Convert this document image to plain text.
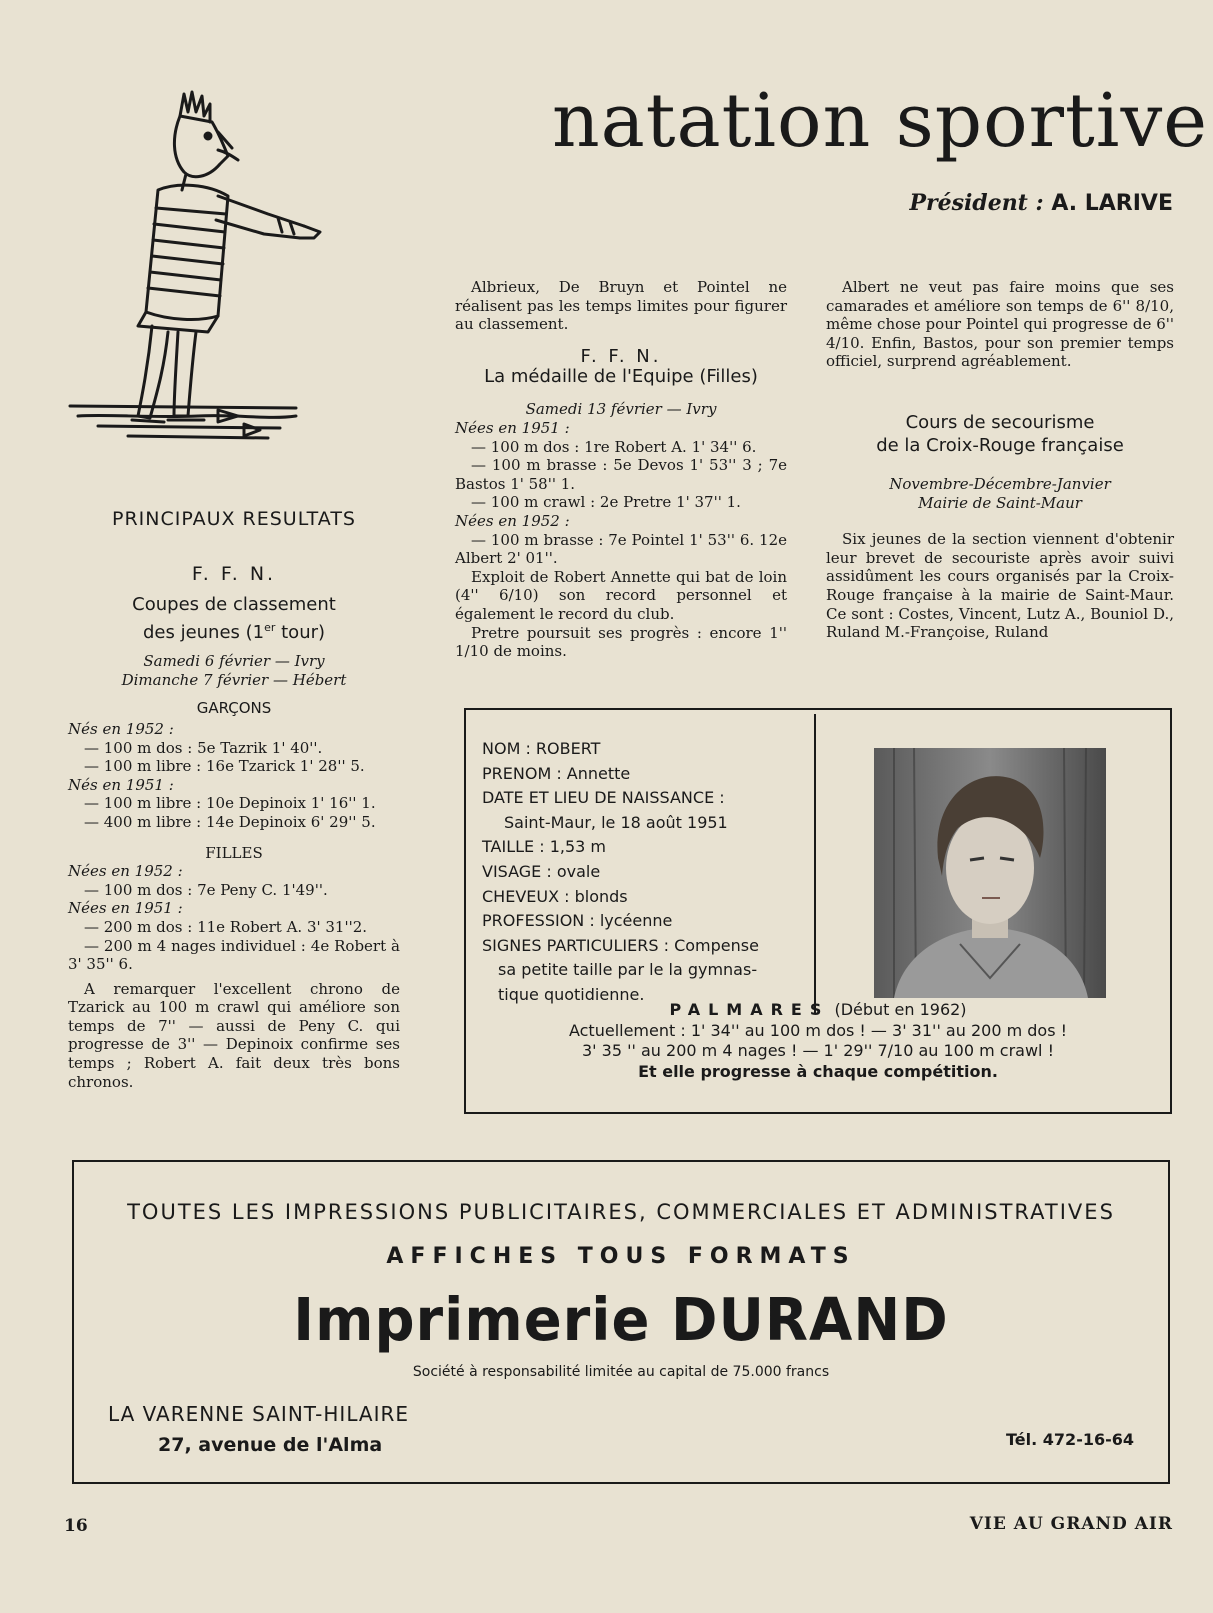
natation sportive
Président : A. LARIVE
PRINCIPAUX RESULTATS
F. F. N.
Coupes de classement
des jeunes (1er tour)
Samedi 6 février — Ivry
Dimanche 7 février — Hébert
GARÇONS
Nés en 1952 :
— 100 m dos : 5e Tazrik 1' 40''.
— 100 m libre : 16e Tzarick 1' 28'' 5.
Nés en 1951 :
— 100 m libre : 10e Depinoix 1' 16'' 1.
— 400 m libre : 14e Depinoix 6' 29'' 5.
FILLES
Nées en 1952 :
— 100 m dos : 7e Peny C. 1'49''.
Nées en 1951 :
— 200 m dos : 11e Robert A. 3' 31''2.
— 200 m 4 nages individuel : 4e Robert à 3' 35'' 6.

A remarquer l'excellent chrono de Tzarick au 100 m crawl qui améliore son temps de 7'' — aussi de Peny C. qui progresse de 3'' — Depinoix confirme ses temps ; Robert A. fait deux très bons chronos.

Albrieux, De Bruyn et Pointel ne réalisent pas les temps limites pour figurer au classement.

F. F. N.
La médaille de l'Equipe (Filles)
Samedi 13 février — Ivry
Nées en 1951 :
— 100 m dos : 1re Robert A. 1' 34'' 6.
— 100 m brasse : 5e Devos 1' 53'' 3 ; 7e Bastos 1' 58'' 1.
— 100 m crawl : 2e Pretre 1' 37'' 1.
Nées en 1952 :
— 100 m brasse : 7e Pointel 1' 53'' 6. 12e Albert 2' 01''.

Exploit de Robert Annette qui bat de loin (4'' 6/10) son record personnel et également le record du club.

Pretre poursuit ses progrès : encore 1'' 1/10 de moins.

Albert ne veut pas faire moins que ses camarades et améliore son temps de 6'' 8/10, même chose pour Pointel qui progresse de 6'' 4/10. Enfin, Bastos, pour son premier temps officiel, surprend agréablement.

Cours de secourisme
de la Croix-Rouge française
Novembre-Décembre-Janvier
Mairie de Saint-Maur

Six jeunes de la section viennent d'obtenir leur brevet de secouriste après avoir suivi assidûment les cours organisés par la Croix-Rouge française à la mairie de Saint-Maur. Ce sont : Costes, Vincent, Lutz A., Bouniol D., Ruland M.-Françoise, Ruland

NOM : ROBERT
PRENOM : Annette
DATE ET LIEU DE NAISSANCE :
Saint-Maur, le 18 août 1951
TAILLE : 1,53 m
VISAGE : ovale
CHEVEUX : blonds
PROFESSION : lycéenne
SIGNES PARTICULIERS : Compense
sa petite taille par le la gymnas-
tique quotidienne.
PALMARES (Début en 1962)
Actuellement : 1' 34'' au 100 m dos ! — 3' 31'' au 200 m dos !
3' 35 '' au 200 m 4 nages ! — 1' 29'' 7/10 au 100 m crawl !
Et elle progresse à chaque compétition.
TOUTES LES IMPRESSIONS PUBLICITAIRES, COMMERCIALES ET ADMINISTRATIVES
AFFICHES TOUS FORMATS
Imprimerie DURAND
Société à responsabilité limitée au capital de 75.000 francs
LA VARENNE SAINT-HILAIRE
27, avenue de l'Alma	Tél. 472-16-64
16	VIE AU GRAND AIR
